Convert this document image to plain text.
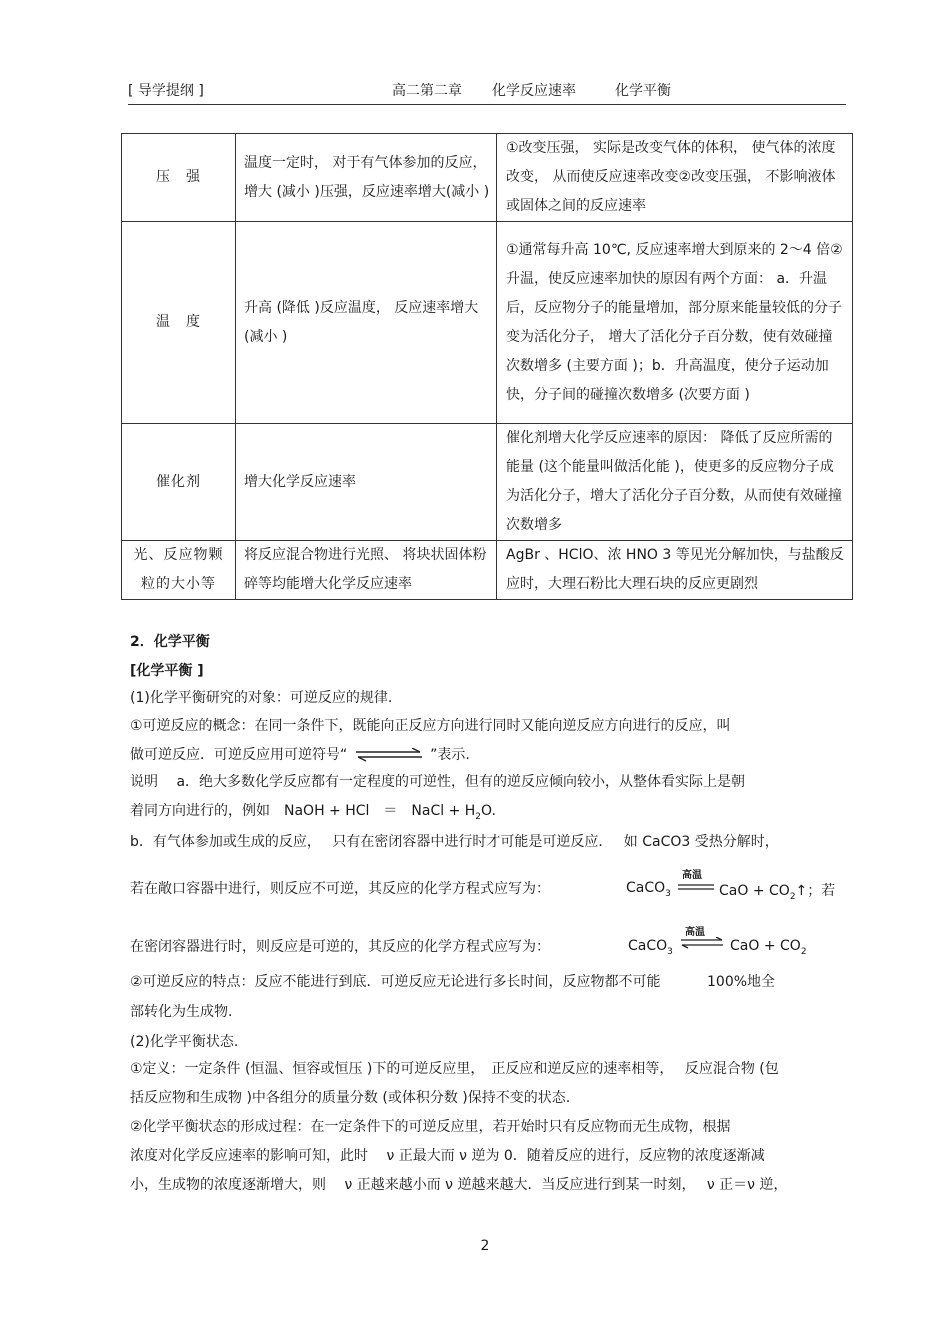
[ 导学提纲 ]	高二第二章 化学反应速率	化学平衡
压　强	温度一定时， 对于有气体参加的反应，增大 (减小 )压强，反应速率增大(减小 )	①改变压强， 实际是改变气体的体积， 使气体的浓度改变， 从而使反应速率改变②改变压强， 不影响液体或固体之间的反应速率
温　度	升高 (降低 )反应温度， 反应速率增大(减小 )	①通常每升高 10℃, 反应速率增大到原来的 2～4 倍②升温，使反应速率加快的原因有两个方面： a．升温后，反应物分子的能量增加，部分原来能量较低的分子变为活化分子， 增大了活化分子百分数，使有效碰撞次数增多 (主要方面 )；b．升高温度，使分子运动加快，分子间的碰撞次数增多 (次要方面 )
催化剂	增大化学反应速率	催化剂增大化学反应速率的原因： 降低了反应所需的能量 (这个能量叫做活化能 )，使更多的反应物分子成为活化分子，增大了活化分子百分数，从而使有效碰撞次数增多
光、反应物颗粒的大小等	将反应混合物进行光照、 将块状固体粉碎等均能增大化学反应速率	AgBr 、HClO、浓 HNO 3 等见光分解加快，与盐酸反应时，大理石粉比大理石块的反应更剧烈
2．化学平衡
[化学平衡 ]
(1)化学平衡研究的对象：可逆反应的规律.
①可逆反应的概念：在同一条件下，既能向正反应方向进行同时又能向逆反应方向进行的反应，叫
做可逆反应．可逆反应用可逆符号“	”表示.
说明　 a．绝大多数化学反应都有一定程度的可逆性，但有的逆反应倾向较小，从整体看实际上是朝
着同方向进行的，例如　NaOH + HCl　＝　NaCl + $H_2O$.
b．有气体参加或生成的反应，　 只有在密闭容器中进行时才可能是可逆反应．　 如 CaCO3 受热分解时，
若在敞口容器中进行，则反应不可逆，其反应的化学方程式应写为：	CaCO$_3$
高温
CaO + $CO_2↑$；若
在密闭容器进行时，则反应是可逆的，其反应的化学方程式应写为：	CaCO$_3$
高温
⇌ CaO + $CO_2$
②可逆反应的特点：反应不能进行到底．可逆反应无论进行多长时间，反应物都不可能　　　 100%地全
部转化为生成物.
(2)化学平衡状态.
①定义：一定条件 (恒温、恒容或恒压 )下的可逆反应里，　正反应和逆反应的速率相等，　 反应混合物 (包
括反应物和生成物 )中各组分的质量分数 (或体积分数 )保持不变的状态.
②化学平衡状态的形成过程：在一定条件下的可逆反应里，若开始时只有反应物而无生成物，根据
浓度对化学反应速率的影响可知，此时　 ν 正最大而 ν 逆为 0．随着反应的进行，反应物的浓度逐渐减
小，生成物的浓度逐渐增大，则　 ν 正越来越小而 ν 逆越来越大．当反应进行到某一时刻，　 ν 正＝ν 逆，
2
